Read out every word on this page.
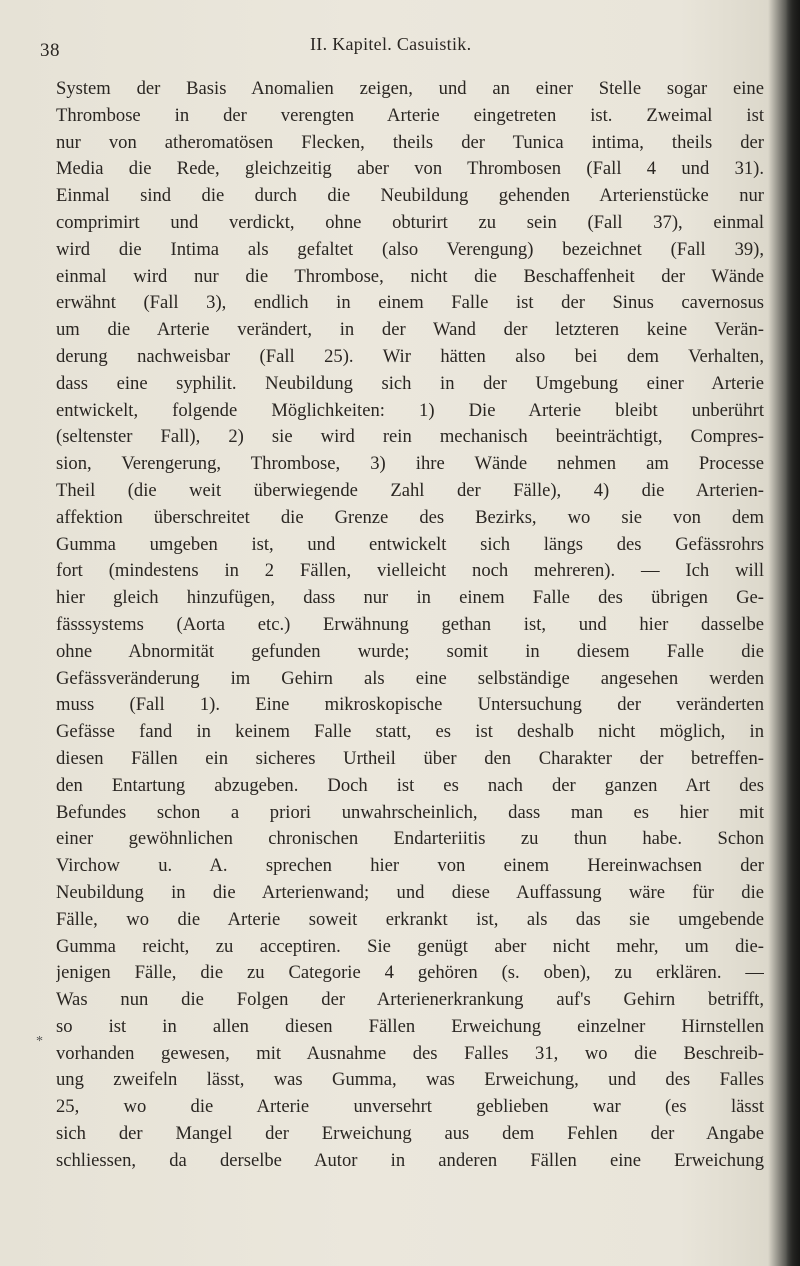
38	II. Kapitel. Casuistik.
System der Basis Anomalien zeigen, und an einer Stelle sogar eine
Thrombose in der verengten Arterie eingetreten ist. Zweimal ist
nur von atheromatösen Flecken, theils der Tunica intima, theils der
Media die Rede, gleichzeitig aber von Thrombosen (Fall 4 und 31).
Einmal sind die durch die Neubildung gehenden Arterienstücke nur
comprimirt und verdickt, ohne obturirt zu sein (Fall 37), einmal
wird die Intima als gefaltet (also Verengung) bezeichnet (Fall 39),
einmal wird nur die Thrombose, nicht die Beschaffenheit der Wände
erwähnt (Fall 3), endlich in einem Falle ist der Sinus cavernosus
um die Arterie verändert, in der Wand der letzteren keine Verän-
derung nachweisbar (Fall 25). Wir hätten also bei dem Verhalten,
dass eine syphilit. Neubildung sich in der Umgebung einer Arterie
entwickelt, folgende Möglichkeiten: 1) Die Arterie bleibt unberührt
(seltenster Fall), 2) sie wird rein mechanisch beeinträchtigt, Compres-
sion, Verengerung, Thrombose, 3) ihre Wände nehmen am Processe
Theil (die weit überwiegende Zahl der Fälle), 4) die Arterien-
affektion überschreitet die Grenze des Bezirks, wo sie von dem
Gumma umgeben ist, und entwickelt sich längs des Gefässrohrs
fort (mindestens in 2 Fällen, vielleicht noch mehreren). — Ich will
hier gleich hinzufügen, dass nur in einem Falle des übrigen Ge-
fässsystems (Aorta etc.) Erwähnung gethan ist, und hier dasselbe
ohne Abnormität gefunden wurde; somit in diesem Falle die
Gefässveränderung im Gehirn als eine selbständige angesehen werden
muss (Fall 1). Eine mikroskopische Untersuchung der veränderten
Gefässe fand in keinem Falle statt, es ist deshalb nicht möglich, in
diesen Fällen ein sicheres Urtheil über den Charakter der betreffen-
den Entartung abzugeben. Doch ist es nach der ganzen Art des
Befundes schon a priori unwahrscheinlich, dass man es hier mit
einer gewöhnlichen chronischen Endarteriitis zu thun habe. Schon
Virchow u. A. sprechen hier von einem Hereinwachsen der
Neubildung in die Arterienwand; und diese Auffassung wäre für die
Fälle, wo die Arterie soweit erkrankt ist, als das sie umgebende
Gumma reicht, zu acceptiren. Sie genügt aber nicht mehr, um die-
jenigen Fälle, die zu Categorie 4 gehören (s. oben), zu erklären. —
Was nun die Folgen der Arterienerkrankung auf's Gehirn betrifft,
so ist in allen diesen Fällen Erweichung einzelner Hirnstellen
vorhanden gewesen, mit Ausnahme des Falles 31, wo die Beschreib-
ung zweifeln lässt, was Gumma, was Erweichung, und des Falles
25, wo die Arterie unversehrt geblieben war (es lässt
sich der Mangel der Erweichung aus dem Fehlen der Angabe
schliessen, da derselbe Autor in anderen Fällen eine Erweichung
*
